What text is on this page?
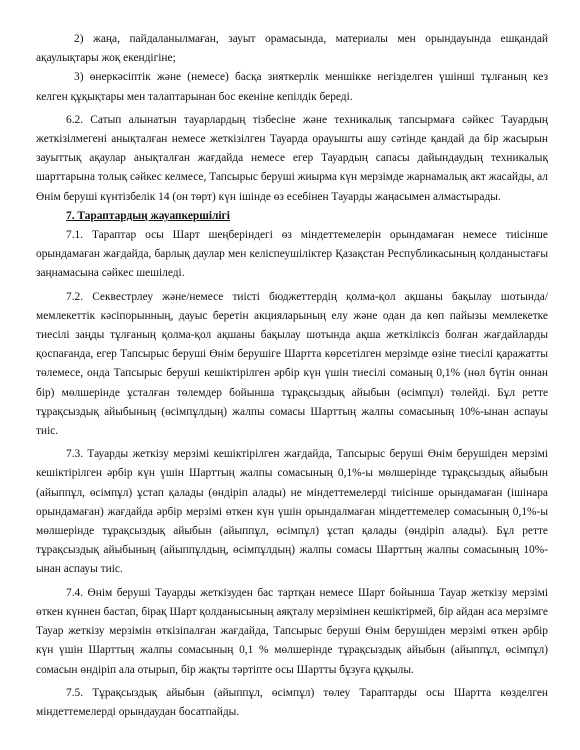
2) жаңа, пайдаланылмаған, зауыт орамасында, материалы мен орындауында ешқандай ақаулықтары жоқ екендігіне;

3) өнеркәсіптік және (немесе) басқа зияткерлік меншікке негізделген үшінші тұлғаның кез келген құқықтары мен талаптарынан бос екеніне кепілдік береді.

6.2. Сатып алынатын тауарлардың тізбесіне және техникалық тапсырмаға сәйкес Тауардың жеткізілмегені анықталған немесе жеткізілген Тауарда орауышты ашу сәтінде қандай да бір жасырын зауыттық ақаулар анықталған жағдайда немесе егер Тауардың сапасы дайындаудың техникалық шарттарына толық сәйкес келмесе, Тапсырыс беруші жиырма күн мерзімде жарнамалық акт жасайды, ал Өнім беруші күнтізбелік 14 (он төрт) күн ішінде өз есебінен Тауарды жаңасымен алмастырады.

7. Тараптардың жауапкершілігі

7.1. Тараптар осы Шарт шеңберіндегі өз міндеттемелерін орындамаған немесе тиісінше орындамаған жағдайда, барлық даулар мен келіспеушіліктер Қазақстан Республикасының қолданыстағы заңнамасына сәйкес шешіледі.

7.2. Секвестрлеу және/немесе тиісті бюджеттердің қолма-қол ақшаны бақылау шотында/мемлекеттік кәсіпорынның, дауыс беретін акцияларының елу және одан да көп пайызы мемлекетке тиесілі заңды тұлғаның қолма-қол ақшаны бақылау шотында ақша жеткіліксіз болған жағдайларды қоспағанда, егер Тапсырыс беруші Өнім берушіге Шартта көрсетілген мерзімде өзіне тиесілі қаражатты төлемесе, онда Тапсырыс беруші кешіктірілген әрбір күн үшін тиесілі соманың 0,1% (нөл бүтін оннан бір) мөлшерінде ұсталған төлемдер бойынша тұрақсыздық айыбын (өсімпұл) төлейді. Бұл ретте тұрақсыздық айыбының (өсімпұлдың) жалпы сомасы Шарттың жалпы сомасының 10%-ынан аспауы тиіс.

7.3. Тауарды жеткізу мерзімі кешіктірілген жағдайда, Тапсырыс беруші Өнім берушіден мерзімі кешіктірілген әрбір күн үшін Шарттың жалпы сомасының 0,1%-ы мөлшерінде тұрақсыздық айыбын (айыппұл, өсімпұл) ұстап қалады (өндіріп алады) не міндеттемелерді тиісінше орындамаған (ішінара орындамаған) жағдайда әрбір мерзімі өткен күн үшін орындалмаған міндеттемелер сомасының 0,1%-ы мөлшерінде тұрақсыздық айыбын (айыппұл, өсімпұл) ұстап қалады (өндіріп алады). Бұл ретте тұрақсыздық айыбының (айыппұлдың, өсімпұлдың) жалпы сомасы Шарттың жалпы сомасының 10%-ынан аспауы тиіс.

7.4. Өнім беруші Тауарды жеткізуден бас тартқан немесе Шарт бойынша Тауар жеткізу мерзімі өткен күннен бастап, бірақ Шарт қолданысының аяқталу мерзімінен кешіктірмей, бір айдан аса мерзімге Тауар жеткізу мерзімін өткізіпалған жағдайда, Тапсырыс беруші Өнім берушіден мерзімі өткен әрбір күн үшін Шарттың жалпы сомасының 0,1 % мөлшерінде тұрақсыздық айыбын (айыппұл, өсімпұл) сомасын өндіріп ала отырып, бір жақты тәртіпте осы Шартты бұзуға құқылы.

7.5. Тұрақсыздық айыбын (айыппұл, өсімпұл) төлеу Тараптарды осы Шартта көзделген міндеттемелерді орындаудан босатпайды.
